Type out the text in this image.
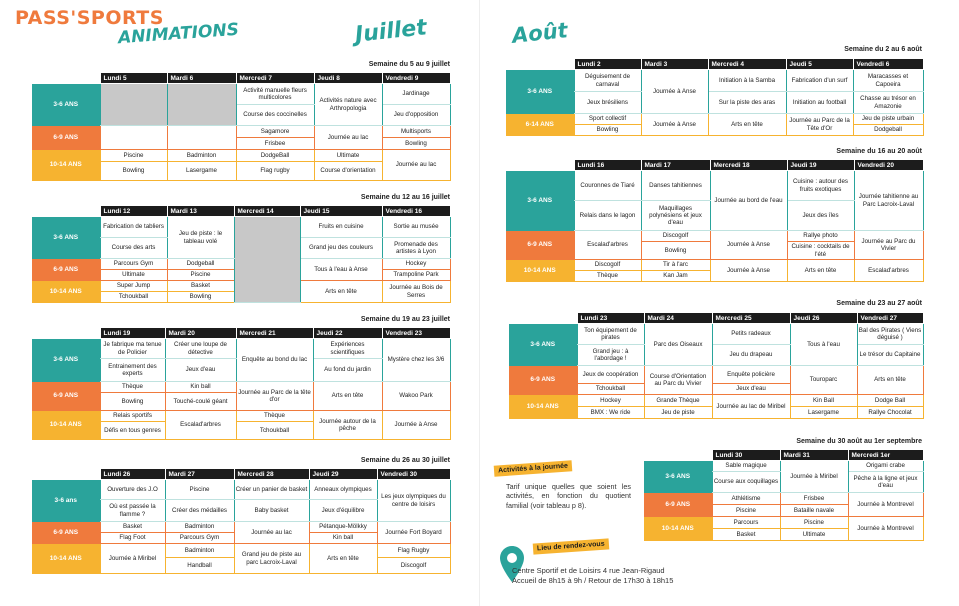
PASS'SPORTS
ANIMATIONS	Juillet	Août
Semaine du 5 au 9 juillet
	Lundi 5	Mardi 6	Mercredi 7	Jeudi 8	Vendredi 9
3-6 ANS			Activité manuelle fleurs multicolores	Activités nature avec Arthropologia	Jardinage
			Course des coccinelles		Jeu d'opposition
6-9 ANS			Sagamore	Journée au lac	Multisports
			Frisbee		Bowling
10-14 ANS	Piscine	Badminton	DodgeBall	Ultimate	Journée au lac
	Bowling	Lasergame	Flag rugby	Course d'orientation	
Semaine du 12 au 16 juillet
	Lundi 12	Mardi 13	Mercredi 14	Jeudi 15	Vendredi 16
3-6 ANS	Fabrication de tabliers	Jeu de piste : le tableau volé		Fruits en cuisine	Sortie au musée
	Course des arts			Grand jeu des couleurs	Promenade des artistes à Lyon
6-9 ANS	Parcours Gym	Dodgeball		Tous à l'eau à Anse	Hockey
	Ultimate	Piscine			Trampoline Park
10-14 ANS	Super Jump	Basket		Arts en tête	Journée au Bois de Serres
	Tchoukball	Bowling			
Semaine du 19 au 23 juillet
	Lundi 19	Mardi 20	Mercredi 21	Jeudi 22	Vendredi 23
3-6 ANS	Je fabrique ma tenue de Policier	Créer une loupe de détective	Enquête au bond du lac	Expériences scientifiques	Mystère chez les 3/6
	Entrainement des experts	Jeux d'eau		Au fond du jardin	
6-9 ANS	Thèque	Kin ball	Journée au Parc de la tête d'or	Arts en tête	Wakoo Park
	Bowling	Touché-coulé géant			
10-14 ANS	Relais sportifs	Escalad'arbres	Thèque	Journée autour de la pêche	Journée à Anse
	Défis en tous genres		Tchoukball		
Semaine du 26 au 30 juillet
	Lundi 26	Mardi 27	Mercredi 28	Jeudi 29	Vendredi 30
3-6 ans	Ouverture des J.O	Piscine	Créer un panier de basket	Anneaux olympiques	Les jeux olympiques du centre de loisirs
	Où est passée la flamme ?	Créer des médailles	Baby basket	Jeux d'équilibre	
6-9 ANS	Basket	Badminton	Journée au lac	Pétanque-Mölkky	Journée Fort Boyard
	Flag Foot	Parcours Gym		Kin ball	
10-14 ANS	Journée à Miribel	Badminton	Grand jeu de piste au parc Lacroix-Laval	Arts en tête	Flag Rugby
		Handball			Discogolf
Semaine du 2 au 6 août
	Lundi 2	Mardi 3	Mercredi 4	Jeudi 5	Vendredi 6
3-6 ANS	Déguisement de carnaval	Journée à Anse	Initiation à la Samba	Fabrication d'un surf	Maracasses et Capoeira
	Jeux brésiliens		Sur la piste des aras	Initiation au football	Chasse au trésor en Amazonie
6-14 ANS	Sport collectif	Journée à Anse	Arts en tête	Journée au Parc de la Tête d'Or	Jeu de piste urbain
	Bowling				Dodgeball
Semaine du 16 au 20 août
	Lundi 16	Mardi 17	Mercredi 18	Jeudi 19	Vendredi 20
3-6 ANS	Couronnes de Tiaré	Danses tahitiennes	Journée au bord de l'eau	Cuisine : autour des fruits exotiques	Journée tahitienne au Parc Lacroix-Laval
	Relais dans le lagon	Maquillages polynésiens et jeux d'eau		Jeux des îles	
6-9 ANS	Escalad'arbres	Discogolf	Journée à Anse	Rallye photo	Journée au Parc du Vivier
		Bowling		Cuisine : cocktails de l'été	
10-14 ANS	Discogolf	Tir à l'arc	Journée à Anse	Arts en tête	Escalad'arbres
	Thèque	Kan Jam			
Semaine du 23 au 27 août
	Lundi 23	Mardi 24	Mercredi 25	Jeudi 26	Vendredi 27
3-6 ANS	Ton équipement de pirates	Parc des Oiseaux	Petits radeaux	Tous à l'eau	Bal des Pirates ( Viens déguisé )
	Grand jeu : à l'abordage !		Jeu du drapeau		Le trésor du Capitaine
6-9 ANS	Jeux de coopération	Course d'Orientation au Parc du Vivier	Enquête policière	Touroparc	Arts en tête
	Tchoukball		Jeux d'eau		
10-14 ANS	Hockey	Grande Thèque	Journée au lac de Miribel	Kin Ball	Dodge Ball
	BMX : We ride	Jeu de piste		Lasergame	Rallye Chocolat
Semaine du 30 août au 1er septembre
	Lundi 30	Mardi 31	Mercredi 1er
3-6 ANS	Sable magique	Journée à Miribel	Origami crabe
	Course aux coquillages		Pêche à la ligne et jeux d'eau
6-9 ANS	Athlétisme	Frisbee	Journée à Montrevel
	Piscine	Bataille navale	
10-14 ANS	Parcours	Piscine	Journée à Montrevel
	Basket	Ultimate	
Activités à la journée
Tarif unique quelles que soient les activités, en fonction du quotient familial (voir tableau p 8).
Lieu de rendez-vous
Centre Sportif et de Loisirs 4 rue Jean-Rigaud
Accueil de 8h15 à 9h / Retour de 17h30 à 18h15
